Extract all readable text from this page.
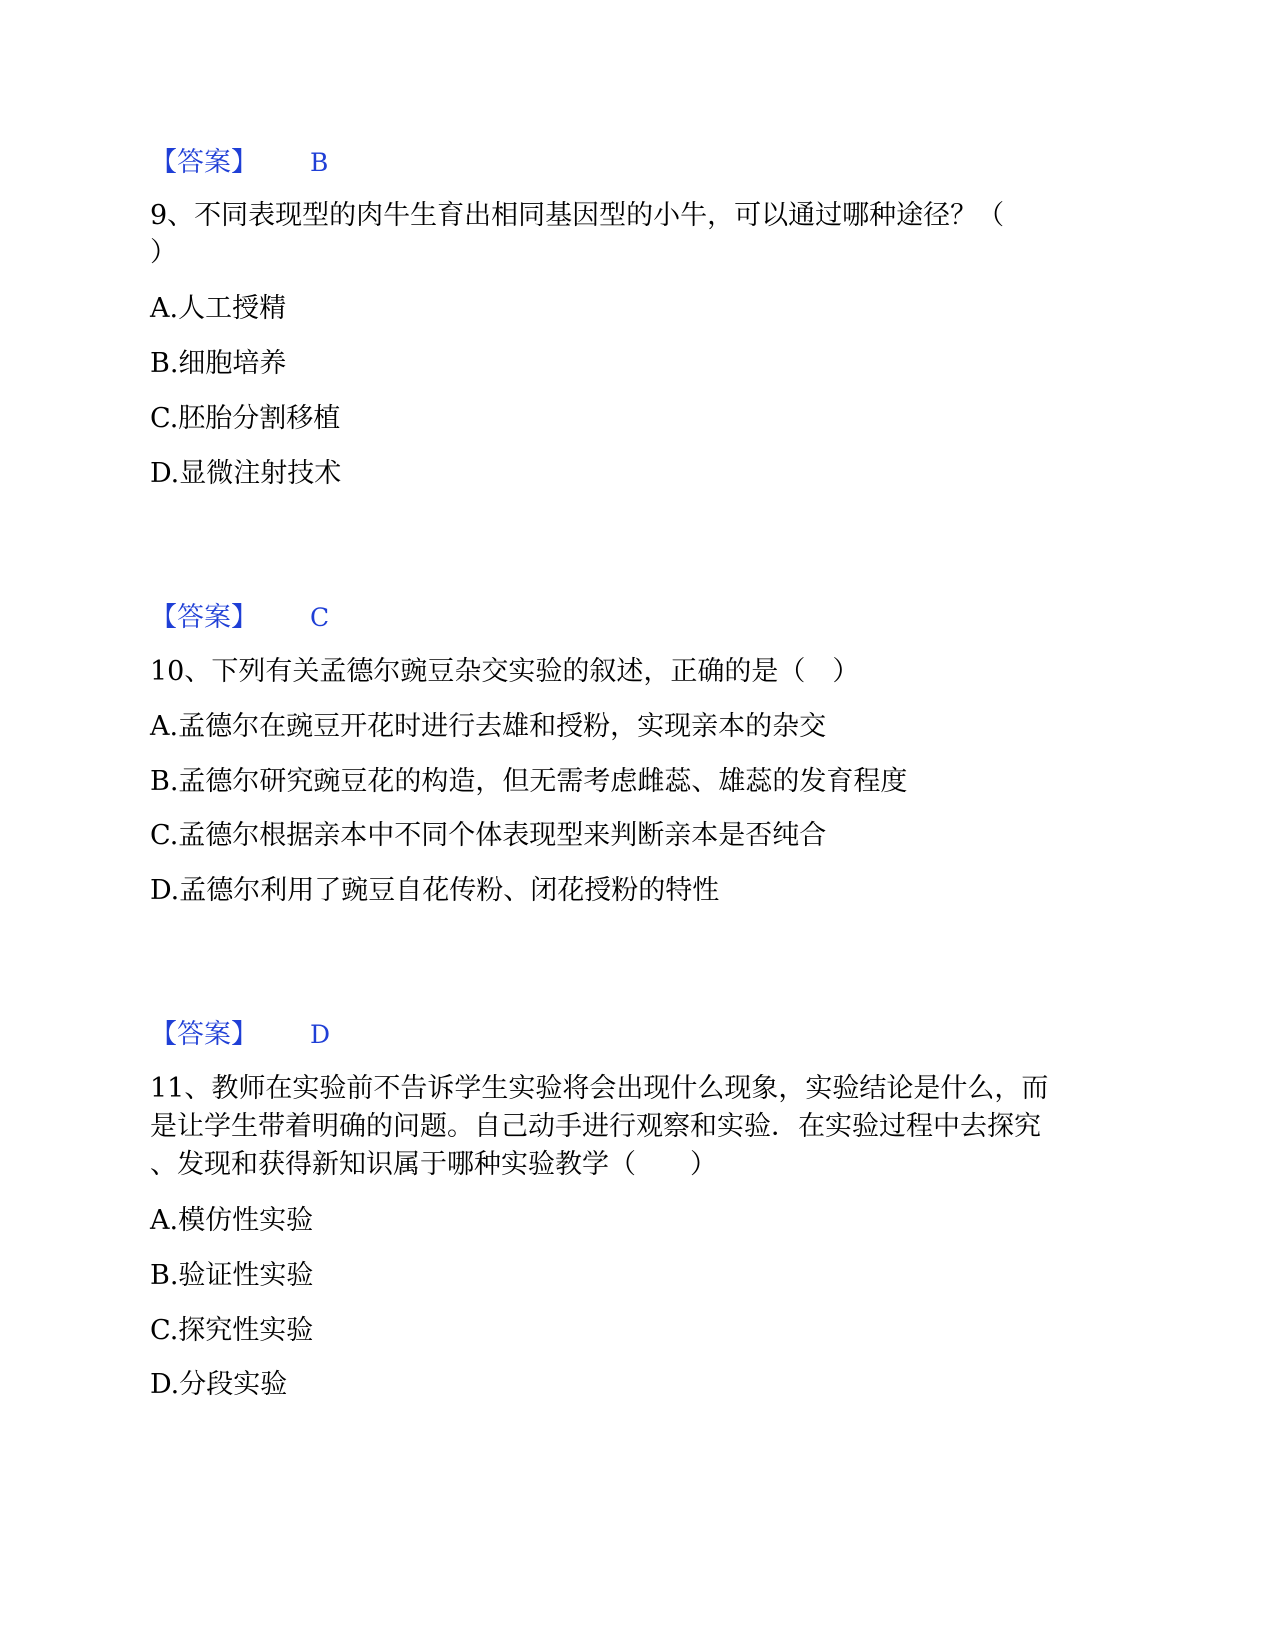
【答案】 B
9、不同表现型的肉牛生育出相同基因型的小牛，可以通过哪种途径？（
）
A.人工授精
B.细胞培养
C.胚胎分割移植
D.显微注射技术
【答案】 C
10、下列有关孟德尔豌豆杂交实验的叙述，正确的是（　）
A.孟德尔在豌豆开花时进行去雄和授粉，实现亲本的杂交
B.孟德尔研究豌豆花的构造，但无需考虑雌蕊、雄蕊的发育程度
C.孟德尔根据亲本中不同个体表现型来判断亲本是否纯合
D.孟德尔利用了豌豆自花传粉、闭花授粉的特性
【答案】 D
11、教师在实验前不告诉学生实验将会出现什么现象，实验结论是什么，而
是让学生带着明确的问题。自己动手进行观察和实验．在实验过程中去探究
、发现和获得新知识属于哪种实验教学（　　）
A.模仿性实验
B.验证性实验
C.探究性实验
D.分段实验
